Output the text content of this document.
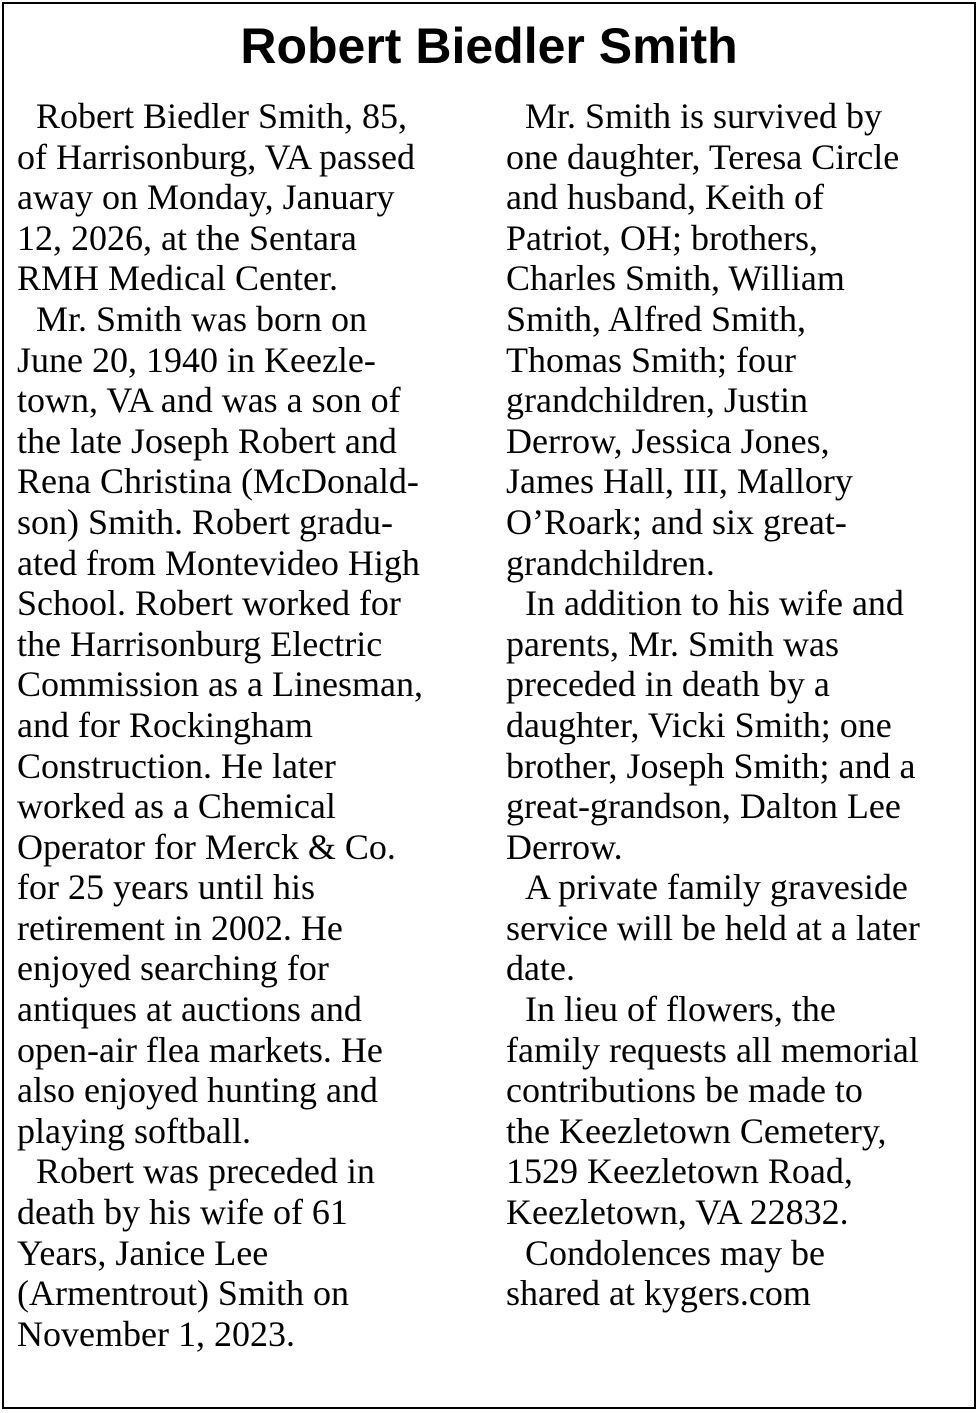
Robert Biedler Smith
Robert Biedler Smith, 85,
of Harrisonburg, VA passed
away on Monday, January
12, 2026, at the Sentara
RMH Medical Center.
Mr. Smith was born on
June 20, 1940 in Keezle-
town, VA and was a son of
the late Joseph Robert and
Rena Christina (McDonald-
son) Smith. Robert gradu-
ated from Montevideo High
School. Robert worked for
the Harrisonburg Electric
Commission as a Linesman,
and for Rockingham
Construction. He later
worked as a Chemical
Operator for Merck & Co.
for 25 years until his
retirement in 2002. He
enjoyed searching for
antiques at auctions and
open-air flea markets. He
also enjoyed hunting and
playing softball.
Robert was preceded in
death by his wife of 61
Years, Janice Lee
(Armentrout) Smith on
November 1, 2023.
Mr. Smith is survived by
one daughter, Teresa Circle
and husband, Keith of
Patriot, OH; brothers,
Charles Smith, William
Smith, Alfred Smith,
Thomas Smith; four
grandchildren, Justin
Derrow, Jessica Jones,
James Hall, III, Mallory
O’Roark; and six great-
grandchildren.
In addition to his wife and
parents, Mr. Smith was
preceded in death by a
daughter, Vicki Smith; one
brother, Joseph Smith; and a
great-grandson, Dalton Lee
Derrow.
A private family graveside
service will be held at a later
date.
In lieu of flowers, the
family requests all memorial
contributions be made to
the Keezletown Cemetery,
1529 Keezletown Road,
Keezletown, VA 22832.
Condolences may be
shared at kygers.com
